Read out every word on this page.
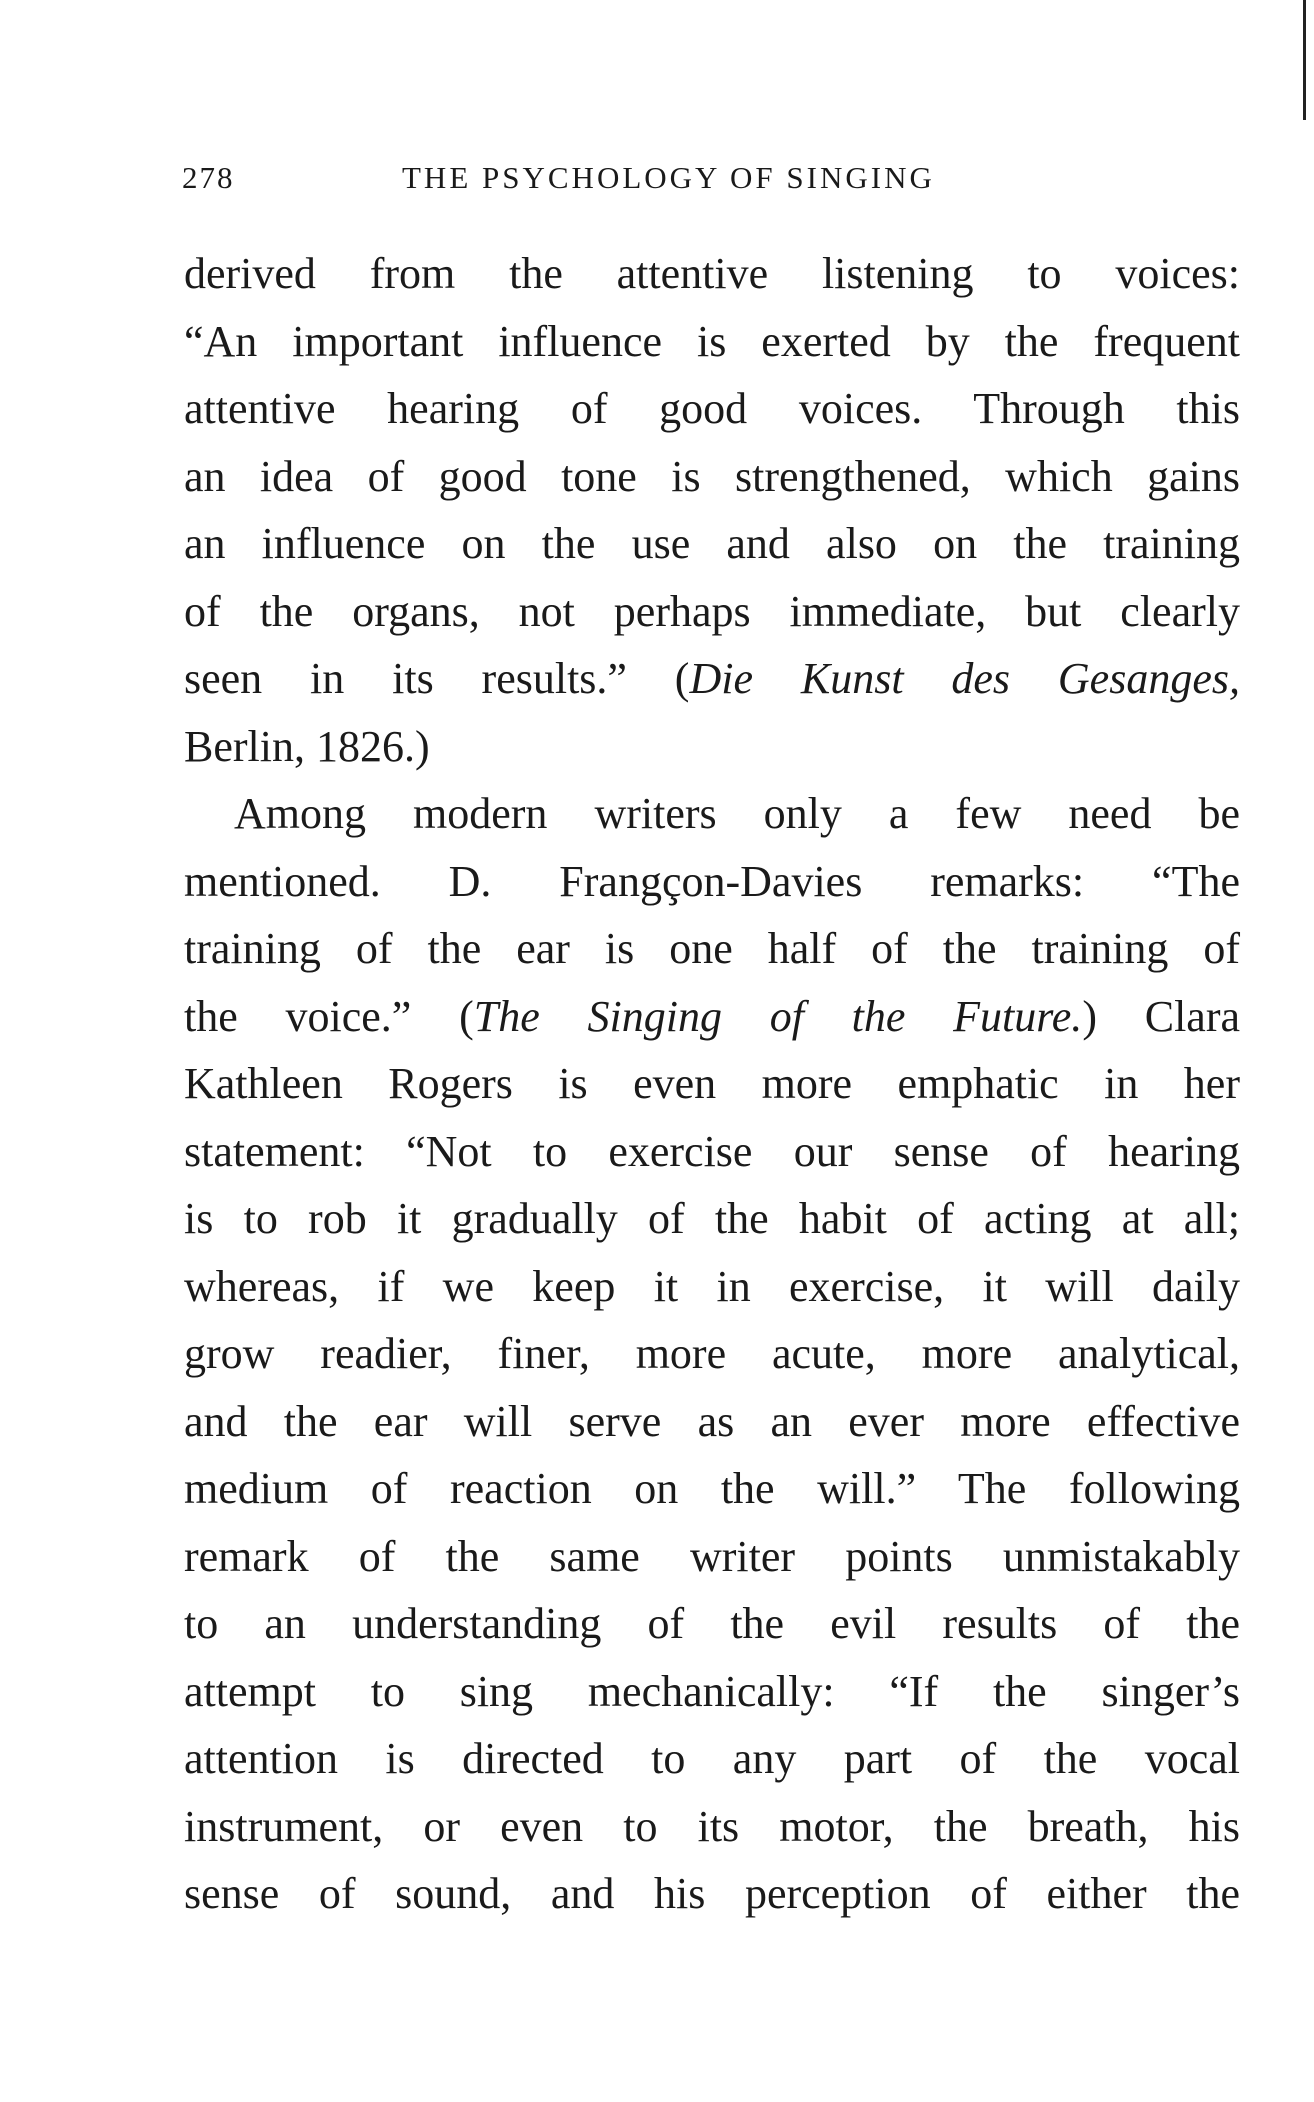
278	THE PSYCHOLOGY OF SINGING
derived from the attentive listening to voices:
“An important influence is exerted by the frequent
attentive hearing of good voices. Through this
an idea of good tone is strengthened, which gains
an influence on the use and also on the training
of the organs, not perhaps immediate, but clearly
seen in its results.” (Die Kunst des Gesanges,
Berlin, 1826.)
Among modern writers only a few need be
mentioned. D. Frangçon-Davies remarks: “The
training of the ear is one half of the training of
the voice.” (The Singing of the Future.) Clara
Kathleen Rogers is even more emphatic in her
statement: “Not to exercise our sense of hearing
is to rob it gradually of the habit of acting at all;
whereas, if we keep it in exercise, it will daily
grow readier, finer, more acute, more analytical,
and the ear will serve as an ever more effective
medium of reaction on the will.” The following
remark of the same writer points unmistakably
to an understanding of the evil results of the
attempt to sing mechanically: “If the singer’s
attention is directed to any part of the vocal
instrument, or even to its motor, the breath, his
sense of sound, and his perception of either the
